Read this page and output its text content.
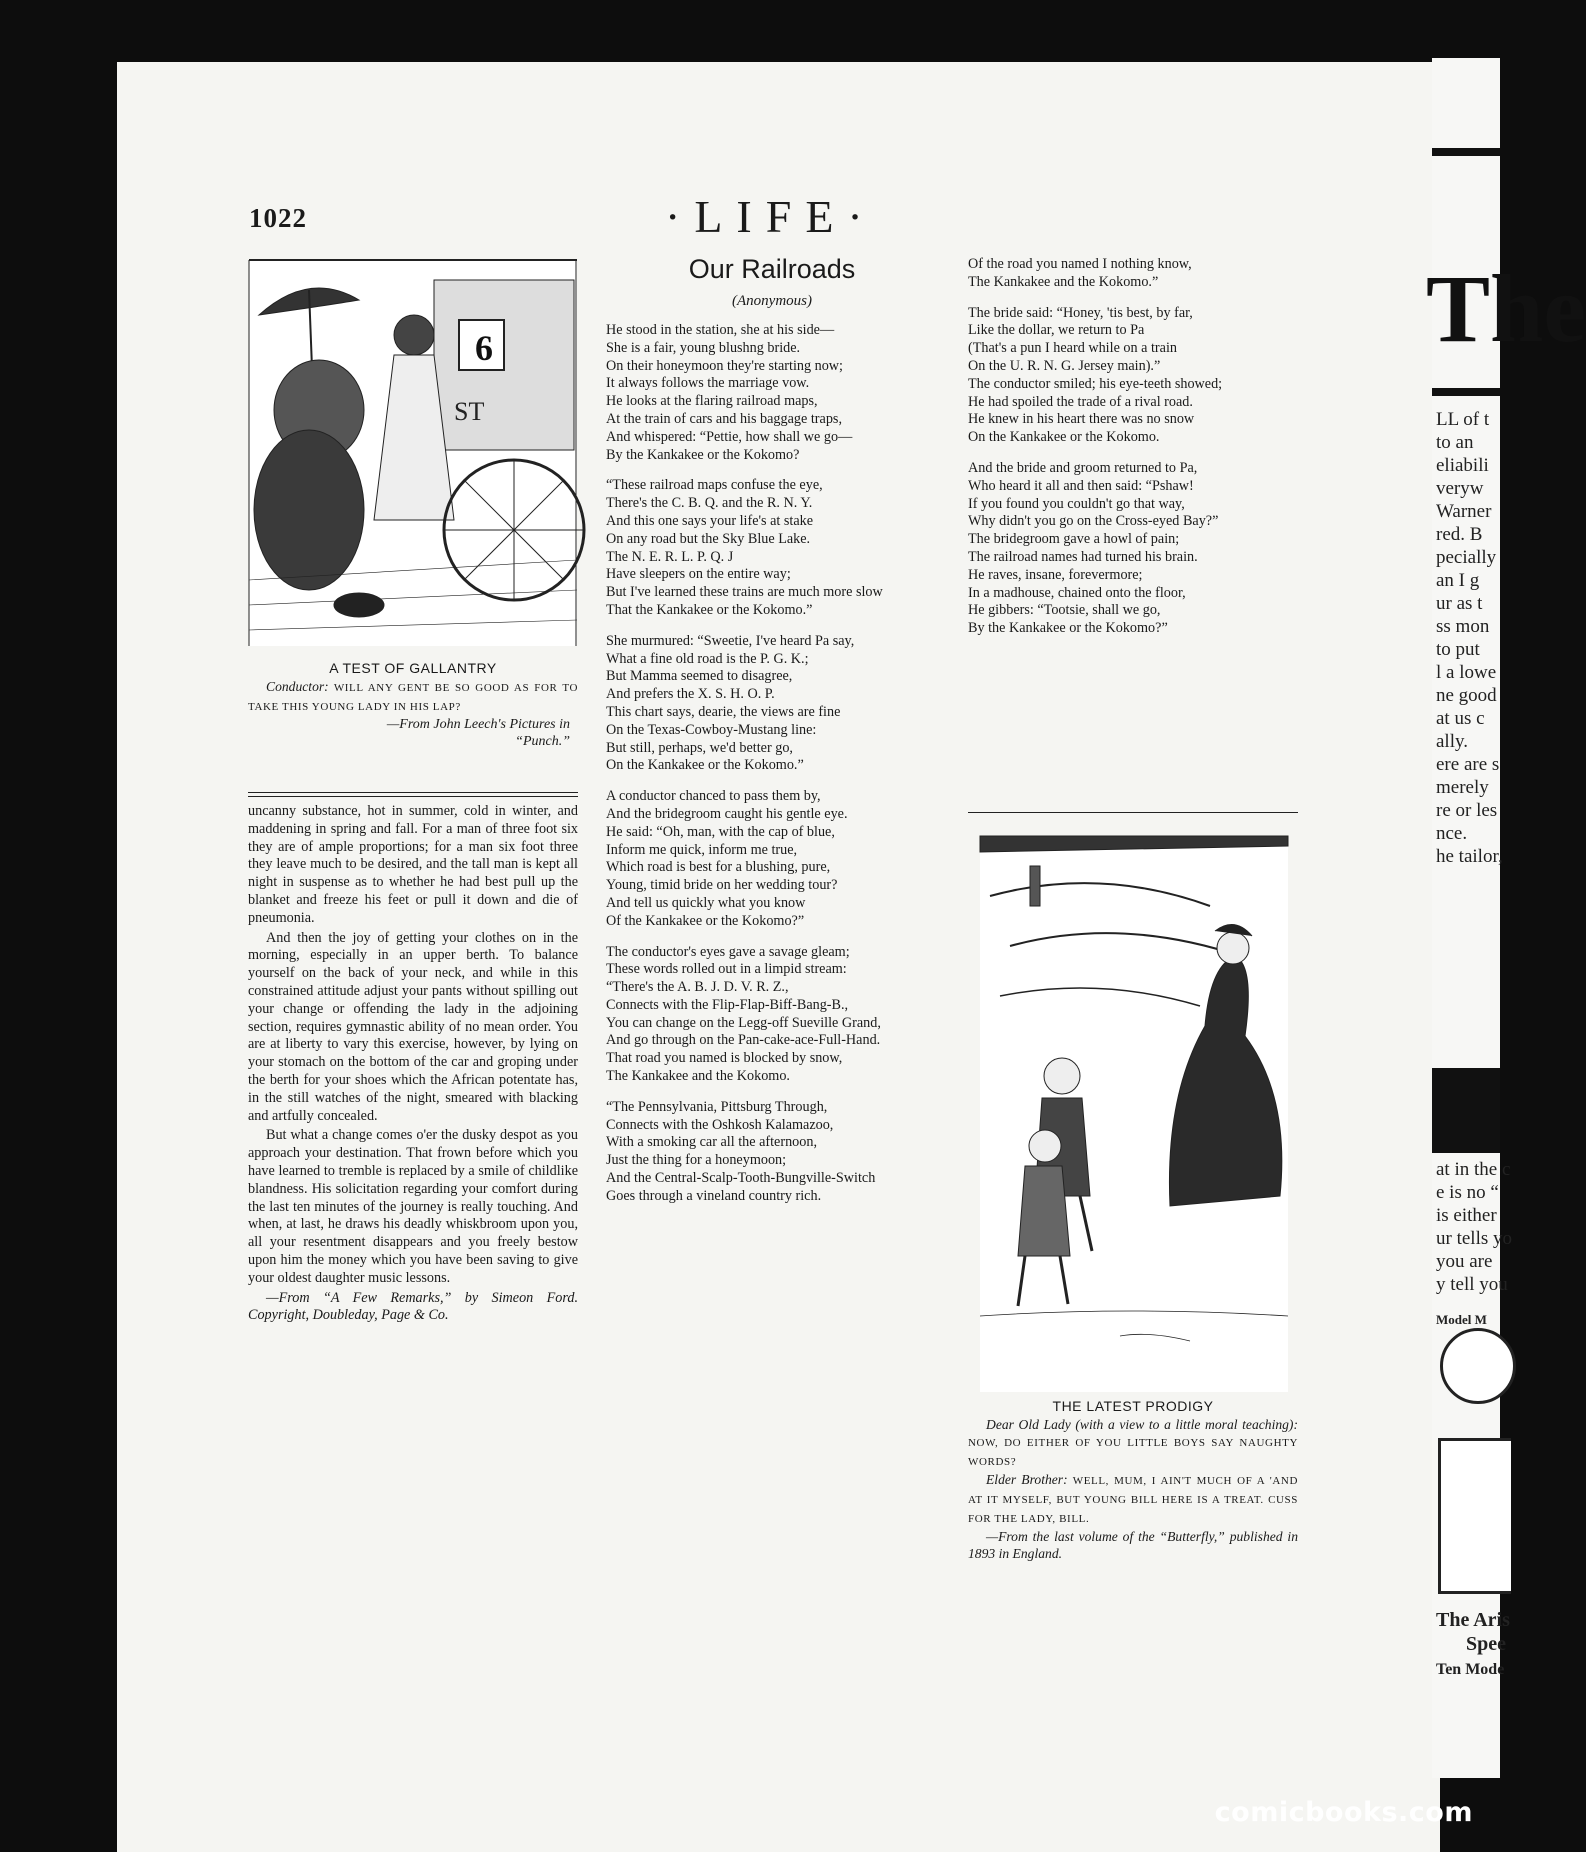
The
LL of t
to an
eliabili
veryw
Warner
red. B
pecially
an I g
ur as t
ss mon
to put
l a lowe
ne good
at us c
ally.
ere are s
merely
re or les
nce.
he tailor,
at in the c
e is no “
is either
ur tells yo
you are
y tell you
Model M
The Aris
Spee
Ten Mode
1022	·LIFE·
6
ST
A TEST OF GALLANTRY
Conductor: WILL ANY GENT BE SO GOOD AS FOR TO TAKE THIS YOUNG LADY IN HIS LAP?
—From John Leech's Pictures in
“Punch.”

uncanny substance, hot in summer, cold in winter, and maddening in spring and fall. For a man of three foot six they are of ample proportions; for a man six foot three they leave much to be desired, and the tall man is kept all night in suspense as to whether he had best pull up the blanket and freeze his feet or pull it down and die of pneumonia.

And then the joy of getting your clothes on in the morning, especially in an upper berth. To balance yourself on the back of your neck, and while in this constrained attitude adjust your pants without spilling out your change or offending the lady in the adjoining section, requires gymnastic ability of no mean order. You are at liberty to vary this exercise, however, by lying on your stomach on the bottom of the car and groping under the berth for your shoes which the African potentate has, in the still watches of the night, smeared with blacking and artfully concealed.

But what a change comes o'er the dusky despot as you approach your destination. That frown before which you have learned to tremble is replaced by a smile of childlike blandness. His solicitation regarding your comfort during the last ten minutes of the journey is really touching. And when, at last, he draws his deadly whiskbroom upon you, all your resentment disappears and you freely bestow upon him the money which you have been saving to give your oldest daughter music lessons.

—From “A Few Remarks,” by Simeon Ford. Copyright, Doubleday, Page & Co.

Our Railroads
(Anonymous)
He stood in the station, she at his side—
She is a fair, young blushng bride.
On their honeymoon they're starting now;
It always follows the marriage vow.
He looks at the flaring railroad maps,
At the train of cars and his baggage traps,
And whispered: “Pettie, how shall we go—
By the Kankakee or the Kokomo?
“These railroad maps confuse the eye,
There's the C. B. Q. and the R. N. Y.
And this one says your life's at stake
On any road but the Sky Blue Lake.
The N. E. R. L. P. Q. J
Have sleepers on the entire way;
But I've learned these trains are much more slow
That the Kankakee or the Kokomo.”
She murmured: “Sweetie, I've heard Pa say,
What a fine old road is the P. G. K.;
But Mamma seemed to disagree,
And prefers the X. S. H. O. P.
This chart says, dearie, the views are fine
On the Texas-Cowboy-Mustang line:
But still, perhaps, we'd better go,
On the Kankakee or the Kokomo.”
A conductor chanced to pass them by,
And the bridegroom caught his gentle eye.
He said: “Oh, man, with the cap of blue,
Inform me quick, inform me true,
Which road is best for a blushing, pure,
Young, timid bride on her wedding tour?
And tell us quickly what you know
Of the Kankakee or the Kokomo?”
The conductor's eyes gave a savage gleam;
These words rolled out in a limpid stream:
“There's the A. B. J. D. V. R. Z.,
Connects with the Flip-Flap-Biff-Bang-B.,
You can change on the Legg-off Sueville Grand,
And go through on the Pan-cake-ace-Full-Hand.
That road you named is blocked by snow,
The Kankakee and the Kokomo.
“The Pennsylvania, Pittsburg Through,
Connects with the Oshkosh Kalamazoo,
With a smoking car all the afternoon,
Just the thing for a honeymoon;
And the Central-Scalp-Tooth-Bungville-Switch
Goes through a vineland country rich.
Of the road you named I nothing know,
The Kankakee and the Kokomo.”
The bride said: “Honey, 'tis best, by far,
Like the dollar, we return to Pa
(That's a pun I heard while on a train
On the U. R. N. G. Jersey main).”
The conductor smiled; his eye-teeth showed;
He had spoiled the trade of a rival road.
He knew in his heart there was no snow
On the Kankakee or the Kokomo.
And the bride and groom returned to Pa,
Who heard it all and then said: “Pshaw!
If you found you couldn't go that way,
Why didn't you go on the Cross-eyed Bay?”
The bridegroom gave a howl of pain;
The railroad names had turned his brain.
He raves, insane, forevermore;
In a madhouse, chained onto the floor,
He gibbers: “Tootsie, shall we go,
By the Kankakee or the Kokomo?”
THE LATEST PRODIGY
Dear Old Lady (with a view to a little moral teaching): NOW, DO EITHER OF YOU LITTLE BOYS SAY NAUGHTY WORDS?
Elder Brother: WELL, MUM, I AIN'T MUCH OF A 'AND AT IT MYSELF, BUT YOUNG BILL HERE IS A TREAT. CUSS FOR THE LADY, BILL.
—From the last volume of the “Butterfly,” published in 1893 in England.
comicbooks.com
